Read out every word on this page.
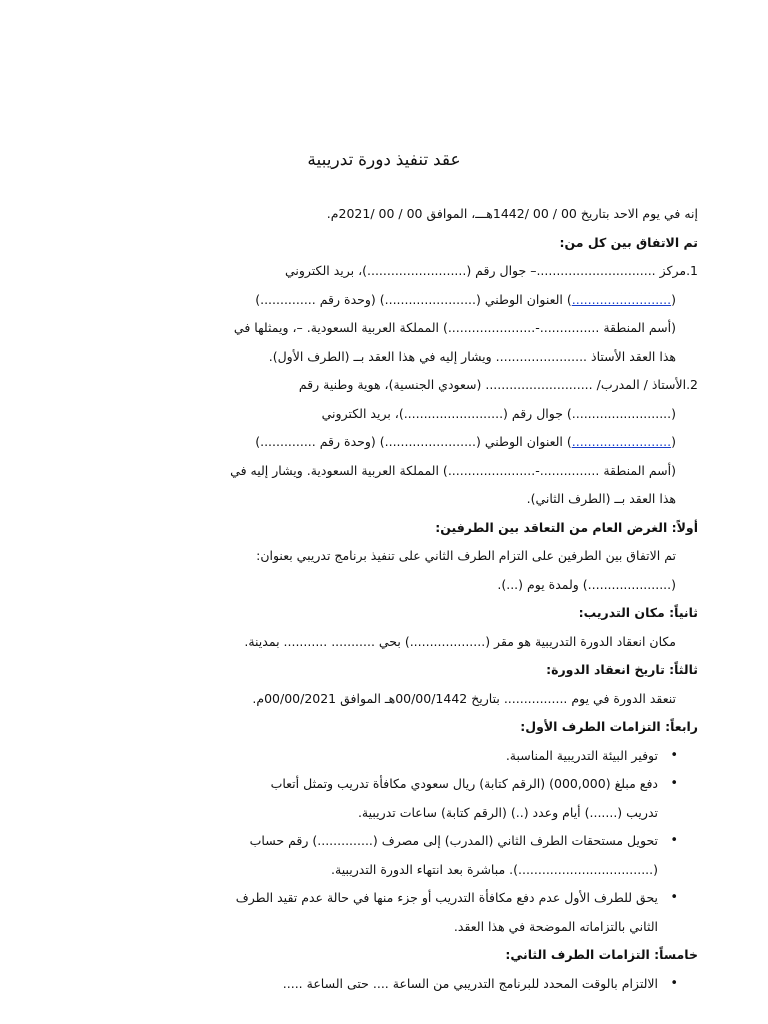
عقد تنفيذ دورة تدريبية
إنه في يوم الاحد بتاريخ 00 / 00 /1442هـــ، الموافق 00 / 00 /2021م.
تم الاتفاق بين كل من:
1.مركز ..............................– جوال رقم (.........................)، بريد الكتروني
(.........................) العنوان الوطني (.......................) (وحدة رقم ..............)
(أسم المنطقة ...............-......................) المملكة العربية السعودية. –، ويمثلها في
هذا العقد الأستاذ ....................... ويشار إليه في هذا العقد بــ (الطرف الأول).
2.الأستاذ / المدرب/ ........................... (سعودي الجنسية)، هوية وطنية رقم
(.........................) جوال رقم (.........................)، بريد الكتروني
(.........................) العنوان الوطني (.......................) (وحدة رقم ..............)
(أسم المنطقة ...............-......................) المملكة العربية السعودية. ويشار إليه في
هذا العقد بــ (الطرف الثاني).
أولاً: الغرض العام من التعاقد بين الطرفين:
تم الاتفاق بين الطرفين على التزام الطرف الثاني على تنفيذ برنامج تدريبي بعنوان:
(.....................) ولمدة يوم (...).
ثانياً: مكان التدريب:
مكان انعقاد الدورة التدريبية هو مقر (...................) بحي ........... ........... بمدينة.
ثالثاً: تاريخ انعقاد الدورة:
تنعقد الدورة في يوم ................ بتاريخ 00/00/1442هـ الموافق 00/00/2021م.
رابعاً: التزامات الطرف الأول:
• توفير البيئة التدريبية المناسبة.
• دفع مبلغ (000,000) (الرقم كتابة) ريال سعودي مكافأة تدريب وتمثل أتعاب
تدريب (.......) أيام وعدد (..) (الرقم كتابة) ساعات تدريبية.
• تحويل مستحقات الطرف الثاني (المدرب) إلى مصرف (..............) رقم حساب
(..................................). مباشرة بعد انتهاء الدورة التدريبية.
• يحق للطرف الأول عدم دفع مكافأة التدريب أو جزء منها في حالة عدم تقيد الطرف
الثاني بالتزاماته الموضحة في هذا العقد.
خامساً: التزامات الطرف الثاني:
• الالتزام بالوقت المحدد للبرنامج التدريبي من الساعة .... حتى الساعة .....
